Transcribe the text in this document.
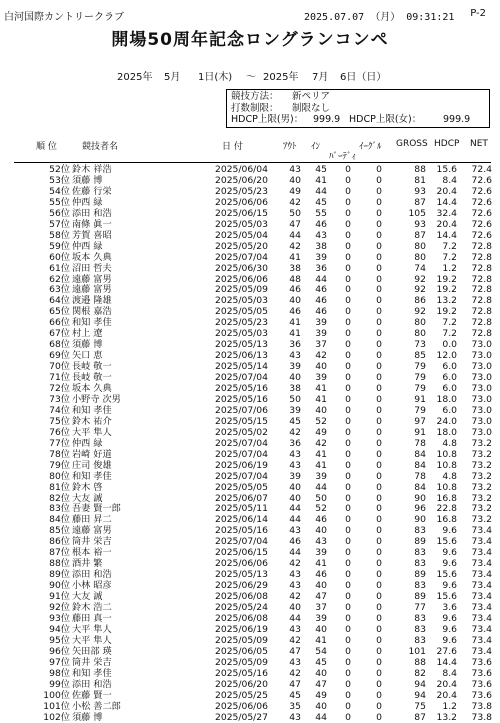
白河国際カントリークラブ	2025.07.07 （月） 09:31:21 P-2
開場50周年記念ロングランコンペ
2025年 5月 1日(木) ～ 2025年 7月 6日（日）
競技方法： 新ペリア
打数制限： 制限なし
HDCP上限(男)： 999.9 HDCP上限(女)： 999.9
順 位	競技者名	日 付	ｱｳﾄ ｲﾝ
ﾊﾞｰﾃﾞｨ
ｲｰｸﾞﾙ GROSS HDCP NET
52位 鈴木 祥浩	2025/06/04	43	45	0	0	88	15.6	72.4
53位 須藤 博	2025/06/20	40	41	0	0	81	8.4	72.6
54位 佐藤 行栄	2025/05/23	49	44	0	0	93	20.4	72.6
55位 仲西 緑	2025/06/06	42	45	0	0	87	14.4	72.6
56位 添田 和浩	2025/06/15	50	55	0	0	105	32.4	72.6
57位 南條 眞一	2025/05/03	47	46	0	0	93	20.4	72.6
58位 芳賀 喜昭	2025/05/04	44	43	0	0	87	14.4	72.6
59位 仲西 緑	2025/05/20	42	38	0	0	80	7.2	72.8
60位 坂本 久典	2025/07/04	41	39	0	0	80	7.2	72.8
61位 沼田 哲夫	2025/06/30	38	36	0	0	74	1.2	72.8
62位 遠藤 富男	2025/06/06	48	44	0	0	92	19.2	72.8
63位 遠藤 富男	2025/05/09	46	46	0	0	92	19.2	72.8
64位 渡邉 隆雄	2025/05/03	40	46	0	0	86	13.2	72.8
65位 関根 嘉浩	2025/05/05	46	46	0	0	92	19.2	72.8
66位 和知 孝佳	2025/05/23	41	39	0	0	80	7.2	72.8
67位 村上 遼	2025/05/03	41	39	0	0	80	7.2	72.8
68位 須藤 博	2025/05/13	36	37	0	0	73	0.0	73.0
69位 矢口 恵	2025/06/13	43	42	0	0	85	12.0	73.0
70位 長岐 敬一	2025/05/14	39	40	0	0	79	6.0	73.0
71位 長岐 敬一	2025/07/04	40	39	0	0	79	6.0	73.0
72位 坂本 久典	2025/05/16	38	41	0	0	79	6.0	73.0
73位 小野寺 次男	2025/05/16	50	41	0	0	91	18.0	73.0
74位 和知 孝佳	2025/07/06	39	40	0	0	79	6.0	73.0
75位 鈴木 祐介	2025/05/15	45	52	0	0	97	24.0	73.0
76位 大平 隼人	2025/05/02	42	49	0	0	91	18.0	73.0
77位 仲西 緑	2025/07/04	36	42	0	0	78	4.8	73.2
78位 岩崎 好道	2025/07/04	43	41	0	0	84	10.8	73.2
79位 庄司 俊雄	2025/06/19	43	41	0	0	84	10.8	73.2
80位 和知 孝佳	2025/07/04	39	39	0	0	78	4.8	73.2
81位 鈴木 啓	2025/05/05	40	44	0	0	84	10.8	73.2
82位 大友 誠	2025/06/07	40	50	0	0	90	16.8	73.2
83位 吾妻 賢一郎	2025/05/11	44	52	0	0	96	22.8	73.2
84位 藤田 昇二	2025/06/14	44	46	0	0	90	16.8	73.2
85位 遠藤 富男	2025/05/16	43	40	0	0	83	9.6	73.4
86位 筒井 栄吉	2025/07/04	46	43	0	0	89	15.6	73.4
87位 根本 裕一	2025/06/15	44	39	0	0	83	9.6	73.4
88位 酒井 繁	2025/06/06	42	41	0	0	83	9.6	73.4
89位 添田 和浩	2025/05/13	43	46	0	0	89	15.6	73.4
90位 小林 昭彦	2025/06/29	43	40	0	0	83	9.6	73.4
91位 大友 誠	2025/06/08	42	47	0	0	89	15.6	73.4
92位 鈴木 浩二	2025/05/24	40	37	0	0	77	3.6	73.4
93位 藤田 真一	2025/06/08	44	39	0	0	83	9.6	73.4
94位 大平 隼人	2025/06/19	43	40	0	0	83	9.6	73.4
95位 大平 隼人	2025/05/09	42	41	0	0	83	9.6	73.4
96位 矢田部 瑛	2025/06/05	47	54	0	0	101	27.6	73.4
97位 筒井 栄吉	2025/05/09	43	45	0	0	88	14.4	73.6
98位 和知 孝佳	2025/05/16	42	40	0	0	82	8.4	73.6
99位 添田 和浩	2025/06/20	47	47	0	0	94	20.4	73.6
100位 佐藤 賢一	2025/05/25	45	49	0	0	94	20.4	73.6
101位 小松 善二郎	2025/06/06	35	40	0	0	75	1.2	73.8
102位 須藤 博	2025/05/27	43	44	0	0	87	13.2	73.8
